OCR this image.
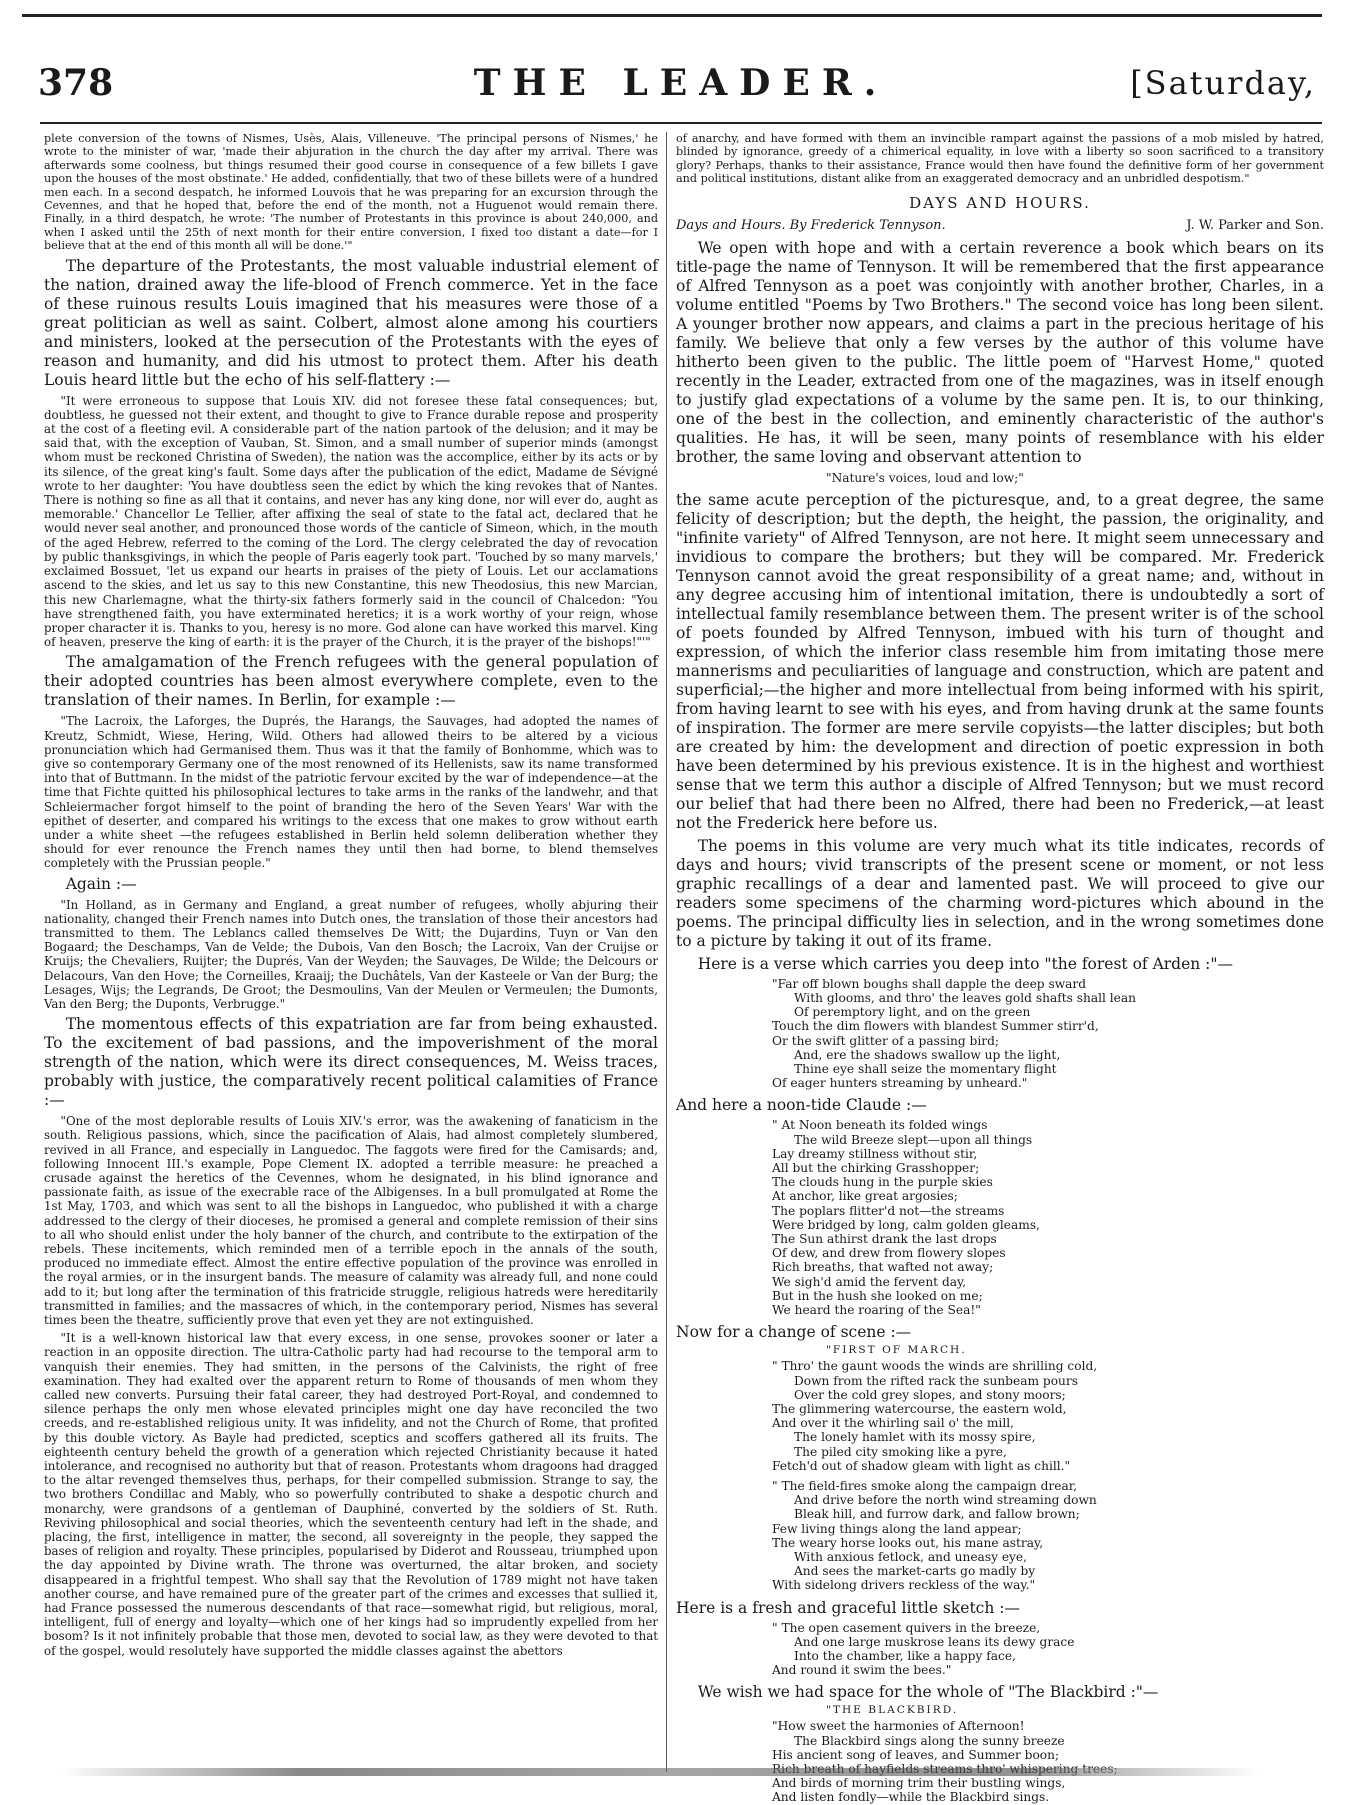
THE LEADER.
378	[Saturday,

plete conversion of the towns of Nismes, Usès, Alais, Villeneuve. 'The principal persons of Nismes,' he wrote to the minister of war, 'made their abjuration in the church the day after my arrival. There was afterwards some coolness, but things resumed their good course in consequence of a few billets I gave upon the houses of the most obstinate.' He added, confidentially, that two of these billets were of a hundred men each. In a second despatch, he informed Louvois that he was preparing for an excursion through the Cevennes, and that he hoped that, before the end of the month, not a Huguenot would remain there. Finally, in a third despatch, he wrote: 'The number of Protestants in this province is about 240,000, and when I asked until the 25th of next month for their entire conversion, I fixed too distant a date—for I believe that at the end of this month all will be done.'"

The departure of the Protestants, the most valuable industrial element of the nation, drained away the life-blood of French commerce. Yet in the face of these ruinous results Louis imagined that his measures were those of a great politician as well as saint. Colbert, almost alone among his courtiers and ministers, looked at the persecution of the Protestants with the eyes of reason and humanity, and did his utmost to protect them. After his death Louis heard little but the echo of his self-flattery :—

"It were erroneous to suppose that Louis XIV. did not foresee these fatal consequences; but, doubtless, he guessed not their extent, and thought to give to France durable repose and prosperity at the cost of a fleeting evil. A considerable part of the nation partook of the delusion; and it may be said that, with the exception of Vauban, St. Simon, and a small number of superior minds (amongst whom must be reckoned Christina of Sweden), the nation was the accomplice, either by its acts or by its silence, of the great king's fault. Some days after the publication of the edict, Madame de Sévigné wrote to her daughter: 'You have doubtless seen the edict by which the king revokes that of Nantes. There is nothing so fine as all that it contains, and never has any king done, nor will ever do, aught as memorable.' Chancellor Le Tellier, after affixing the seal of state to the fatal act, declared that he would never seal another, and pronounced those words of the canticle of Simeon, which, in the mouth of the aged Hebrew, referred to the coming of the Lord. The clergy celebrated the day of revocation by public thanksgivings, in which the people of Paris eagerly took part. 'Touched by so many marvels,' exclaimed Bossuet, 'let us expand our hearts in praises of the piety of Louis. Let our acclamations ascend to the skies, and let us say to this new Constantine, this new Theodosius, this new Marcian, this new Charlemagne, what the thirty-six fathers formerly said in the council of Chalcedon: "You have strengthened faith, you have exterminated heretics; it is a work worthy of your reign, whose proper character it is. Thanks to you, heresy is no more. God alone can have worked this marvel. King of heaven, preserve the king of earth: it is the prayer of the Church, it is the prayer of the bishops!"'"

The amalgamation of the French refugees with the general population of their adopted countries has been almost everywhere complete, even to the translation of their names. In Berlin, for example :—

"The Lacroix, the Laforges, the Duprés, the Harangs, the Sauvages, had adopted the names of Kreutz, Schmidt, Wiese, Hering, Wild. Others had allowed theirs to be altered by a vicious pronunciation which had Germanised them. Thus was it that the family of Bonhomme, which was to give so contemporary Germany one of the most renowned of its Hellenists, saw its name transformed into that of Buttmann. In the midst of the patriotic fervour excited by the war of independence—at the time that Fichte quitted his philosophical lectures to take arms in the ranks of the landwehr, and that Schleiermacher forgot himself to the point of branding the hero of the Seven Years' War with the epithet of deserter, and compared his writings to the excess that one makes to grow without earth under a white sheet —the refugees established in Berlin held solemn deliberation whether they should for ever renounce the French names they until then had borne, to blend themselves completely with the Prussian people."

Again :—

"In Holland, as in Germany and England, a great number of refugees, wholly abjuring their nationality, changed their French names into Dutch ones, the translation of those their ancestors had transmitted to them. The Leblancs called themselves De Witt; the Dujardins, Tuyn or Van den Bogaard; the Deschamps, Van de Velde; the Dubois, Van den Bosch; the Lacroix, Van der Cruijse or Kruijs; the Chevaliers, Ruijter; the Duprés, Van der Weyden; the Sauvages, De Wilde; the Delcours or Delacours, Van den Hove; the Corneilles, Kraaij; the Duchâtels, Van der Kasteele or Van der Burg; the Lesages, Wijs; the Legrands, De Groot; the Desmoulins, Van der Meulen or Vermeulen; the Dumonts, Van den Berg; the Duponts, Verbrugge."

The momentous effects of this expatriation are far from being exhausted. To the excitement of bad passions, and the impoverishment of the moral strength of the nation, which were its direct consequences, M. Weiss traces, probably with justice, the comparatively recent political calamities of France :—

"One of the most deplorable results of Louis XIV.'s error, was the awakening of fanaticism in the south. Religious passions, which, since the pacification of Alais, had almost completely slumbered, revived in all France, and especially in Languedoc. The faggots were fired for the Camisards; and, following Innocent III.'s example, Pope Clement IX. adopted a terrible measure: he preached a crusade against the heretics of the Cevennes, whom he designated, in his blind ignorance and passionate faith, as issue of the execrable race of the Albigenses. In a bull promulgated at Rome the 1st May, 1703, and which was sent to all the bishops in Languedoc, who published it with a charge addressed to the clergy of their dioceses, he promised a general and complete remission of their sins to all who should enlist under the holy banner of the church, and contribute to the extirpation of the rebels. These incitements, which reminded men of a terrible epoch in the annals of the south, produced no immediate effect. Almost the entire effective population of the province was enrolled in the royal armies, or in the insurgent bands. The measure of calamity was already full, and none could add to it; but long after the termination of this fratricide struggle, religious hatreds were hereditarily transmitted in families; and the massacres of which, in the contemporary period, Nismes has several times been the theatre, sufficiently prove that even yet they are not extinguished.

"It is a well-known historical law that every excess, in one sense, provokes sooner or later a reaction in an opposite direction. The ultra-Catholic party had had recourse to the temporal arm to vanquish their enemies. They had smitten, in the persons of the Calvinists, the right of free examination. They had exalted over the apparent return to Rome of thousands of men whom they called new converts. Pursuing their fatal career, they had destroyed Port-Royal, and condemned to silence perhaps the only men whose elevated principles might one day have reconciled the two creeds, and re-established religious unity. It was infidelity, and not the Church of Rome, that profited by this double victory. As Bayle had predicted, sceptics and scoffers gathered all its fruits. The eighteenth century beheld the growth of a generation which rejected Christianity because it hated intolerance, and recognised no authority but that of reason. Protestants whom dragoons had dragged to the altar revenged themselves thus, perhaps, for their compelled submission. Strange to say, the two brothers Condillac and Mably, who so powerfully contributed to shake a despotic church and monarchy, were grandsons of a gentleman of Dauphiné, converted by the soldiers of St. Ruth. Reviving philosophical and social theories, which the seventeenth century had left in the shade, and placing, the first, intelligence in matter, the second, all sovereignty in the people, they sapped the bases of religion and royalty. These principles, popularised by Diderot and Rousseau, triumphed upon the day appointed by Divine wrath. The throne was overturned, the altar broken, and society disappeared in a frightful tempest. Who shall say that the Revolution of 1789 might not have taken another course, and have remained pure of the greater part of the crimes and excesses that sullied it, had France possessed the numerous descendants of that race—somewhat rigid, but religious, moral, intelligent, full of energy and loyalty—which one of her kings had so imprudently expelled from her bosom? Is it not infinitely probable that those men, devoted to social law, as they were devoted to that of the gospel, would resolutely have supported the middle classes against the abettors

of anarchy, and have formed with them an invincible rampart against the passions of a mob misled by hatred, blinded by ignorance, greedy of a chimerical equality, in love with a liberty so soon sacrificed to a transitory glory? Perhaps, thanks to their assistance, France would then have found the definitive form of her government and political institutions, distant alike from an exaggerated democracy and an unbridled despotism."

DAYS AND HOURS.
Days and Hours. By Frederick Tennyson.	J. W. Parker and Son.

We open with hope and with a certain reverence a book which bears on its title-page the name of Tennyson. It will be remembered that the first appearance of Alfred Tennyson as a poet was conjointly with another brother, Charles, in a volume entitled "Poems by Two Brothers." The second voice has long been silent. A younger brother now appears, and claims a part in the precious heritage of his family. We believe that only a few verses by the author of this volume have hitherto been given to the public. The little poem of "Harvest Home," quoted recently in the Leader, extracted from one of the magazines, was in itself enough to justify glad expectations of a volume by the same pen. It is, to our thinking, one of the best in the collection, and eminently characteristic of the author's qualities. He has, it will be seen, many points of resemblance with his elder brother, the same loving and observant attention to

"Nature's voices, loud and low;"

the same acute perception of the picturesque, and, to a great degree, the same felicity of description; but the depth, the height, the passion, the originality, and "infinite variety" of Alfred Tennyson, are not here. It might seem unnecessary and invidious to compare the brothers; but they will be compared. Mr. Frederick Tennyson cannot avoid the great responsibility of a great name; and, without in any degree accusing him of intentional imitation, there is undoubtedly a sort of intellectual family resemblance between them. The present writer is of the school of poets founded by Alfred Tennyson, imbued with his turn of thought and expression, of which the inferior class resemble him from imitating those mere mannerisms and peculiarities of language and construction, which are patent and superficial;—the higher and more intellectual from being informed with his spirit, from having learnt to see with his eyes, and from having drunk at the same founts of inspiration. The former are mere servile copyists—the latter disciples; but both are created by him: the development and direction of poetic expression in both have been determined by his previous existence. It is in the highest and worthiest sense that we term this author a disciple of Alfred Tennyson; but we must record our belief that had there been no Alfred, there had been no Frederick,—at least not the Frederick here before us.

The poems in this volume are very much what its title indicates, records of days and hours; vivid transcripts of the present scene or moment, or not less graphic recallings of a dear and lamented past. We will proceed to give our readers some specimens of the charming word-pictures which abound in the poems. The principal difficulty lies in selection, and in the wrong sometimes done to a picture by taking it out of its frame.

Here is a verse which carries you deep into "the forest of Arden :"—
"Far off blown boughs shall dapple the deep sward
With glooms, and thro' the leaves gold shafts shall lean
Of peremptory light, and on the green
Touch the dim flowers with blandest Summer stirr'd,
Or the swift glitter of a passing bird;
And, ere the shadows swallow up the light,
Thine eye shall seize the momentary flight
Of eager hunters streaming by unheard."
And here a noon-tide Claude :—
" At Noon beneath its folded wings
The wild Breeze slept—upon all things
Lay dreamy stillness without stir,
All but the chirking Grasshopper;
The clouds hung in the purple skies
At anchor, like great argosies;
The poplars flitter'd not—the streams
Were bridged by long, calm golden gleams,
The Sun athirst drank the last drops
Of dew, and drew from flowery slopes
Rich breaths, that wafted not away;
We sigh'd amid the fervent day,
But in the hush she looked on me;
We heard the roaring of the Sea!"
Now for a change of scene :—
"FIRST OF MARCH.
" Thro' the gaunt woods the winds are shrilling cold,
Down from the rifted rack the sunbeam pours
Over the cold grey slopes, and stony moors;
The glimmering watercourse, the eastern wold,
And over it the whirling sail o' the mill,
The lonely hamlet with its mossy spire,
The piled city smoking like a pyre,
Fetch'd out of shadow gleam with light as chill."
" The field-fires smoke along the campaign drear,
And drive before the north wind streaming down
Bleak hill, and furrow dark, and fallow brown;
Few living things along the land appear;
The weary horse looks out, his mane astray,
With anxious fetlock, and uneasy eye,
And sees the market-carts go madly by
With sidelong drivers reckless of the way."
Here is a fresh and graceful little sketch :—
" The open casement quivers in the breeze,
And one large muskrose leans its dewy grace
Into the chamber, like a happy face,
And round it swim the bees."
We wish we had space for the whole of "The Blackbird :"—
"THE BLACKBIRD.
"How sweet the harmonies of Afternoon!
The Blackbird sings along the sunny breeze
His ancient song of leaves, and Summer boon;
And birds of morning trim their bustling wings,
And listen fondly—while the Blackbird sings.
